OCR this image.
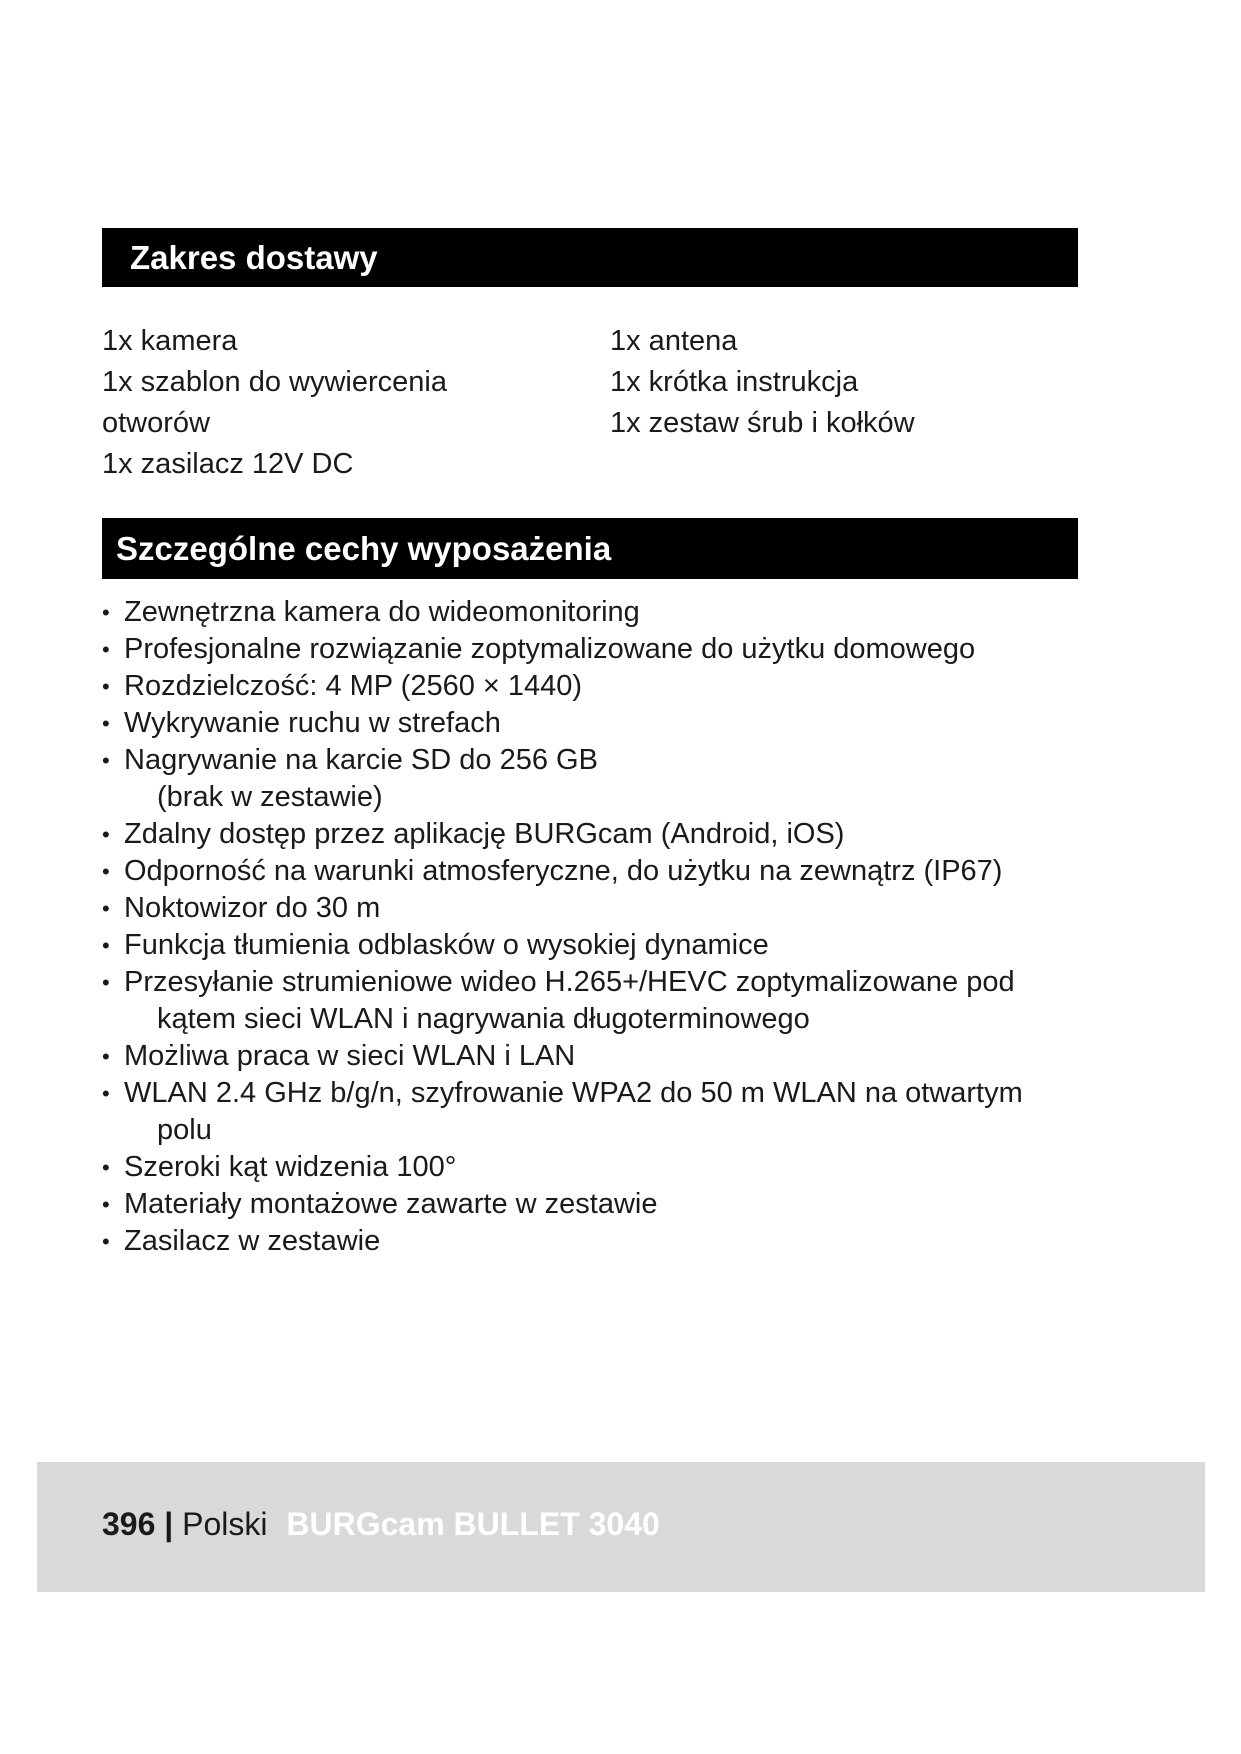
Zakres dostawy
1x kamera
1x szablon do wywiercenia
otworów
1x zasilacz 12V DC
1x antena
1x krótka instrukcja
1x zestaw śrub i kołków
Szczególne cechy wyposażenia
• Zewnętrzna kamera do wideomonitoring
• Profesjonalne rozwiązanie zoptymalizowane do użytku domowego
• Rozdzielczość: 4 MP (2560 × 1440)
• Wykrywanie ruchu w strefach
• Nagrywanie na karcie SD do 256 GB
(brak w zestawie)
• Zdalny dostęp przez aplikację BURGcam (Android, iOS)
• Odporność na warunki atmosferyczne, do użytku na zewnątrz (IP67)
• Noktowizor do 30 m
• Funkcja tłumienia odblasków o wysokiej dynamice
• Przesyłanie strumieniowe wideo H.265+/HEVC zoptymalizowane pod
kątem sieci WLAN i nagrywania długoterminowego
• Możliwa praca w sieci WLAN i LAN
• WLAN 2.4 GHz b/g/n, szyfrowanie WPA2 do 50 m WLAN na otwartym
polu
• Szeroki kąt widzenia 100°
• Materiały montażowe zawarte w zestawie
• Zasilacz w zestawie
396 | Polski BURGcam BULLET 3040
